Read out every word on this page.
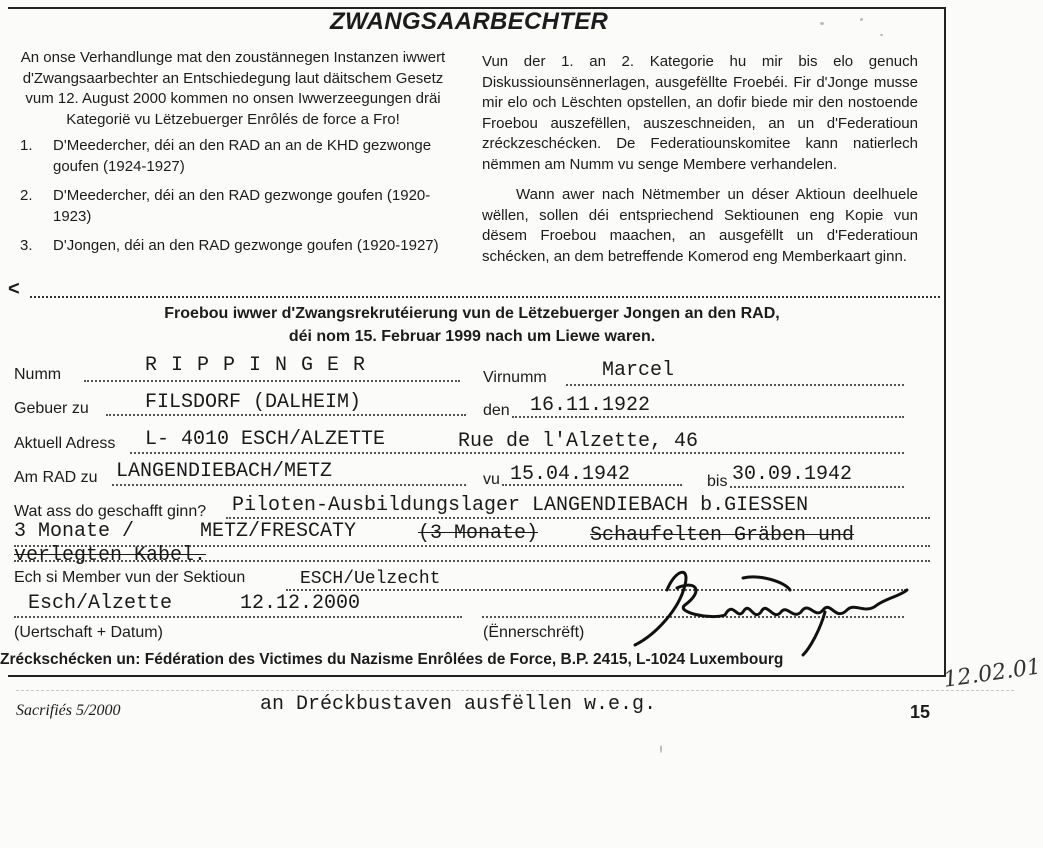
ZWANGSAARBECHTER

An onse Verhandlunge mat den zoustännegen Instanzen iwwert d'Zwangsaarbechter an Entschiedegung laut däitschem Gesetz vum 12. August 2000 kommen no onsen Iwwerzeegungen dräi Kategorië vu Lëtzebuerger Enrôlés de force a Fro!

1. D'Meedercher, déi an den RAD an an de KHD gezwonge goufen (1924-1927)
2. D'Meedercher, déi an den RAD gezwonge goufen (1920-1923)
3. D'Jongen, déi an den RAD gezwonge goufen (1920-1927)

Vun der 1. an 2. Kategorie hu mir bis elo genuch Diskussiounsënnerlagen, ausgefëllte Froebéi. Fir d'Jonge musse mir elo och Lëschten opstellen, an dofir biede mir den nostoende Froebou auszefëllen, auszeschneiden, an un d'Federatioun zréckzeschécken. De Federatiounskomitee kann natierlech nëmmen am Numm vu senge Membere verhandelen.

Wann awer nach Nëtmember un déser Aktioun deelhuele wëllen, sollen déi entspriechend Sektiounen eng Kopie vun dësem Froebou maachen, an ausgefëllt un d'Federatioun schécken, an dem betreffende Komerod eng Memberkaart ginn.

<
Froebou iwwer d'Zwangsrekrutéierung vun de Lëtzebuerger Jongen an den RAD,
déi nom 15. Februar 1999 nach um Liewe waren.
Numm	R I P P I N G E R
Virnumm	Marcel
Gebuer zu	FILSDORF (DALHEIM)	den 16.11.1922
Aktuell Adress L- 4010 ESCH/ALZETTE	Rue de l'Alzette, 46
Am RAD zu LANGENDIEBACH/METZ	vu 15.04.1942	bis 30.09.1942
Wat ass do geschafft ginn? Piloten-Ausbildungslager LANGENDIEBACH b.GIESSEN
3 Monate /	METZ/FRESCATY	(3 Monate)	Schaufelten Gräben und
verlegten Kabel.
Ech si Member vun der Sektioun	ESCH/Uelzecht
Esch/Alzette	12.12.2000
(Uertschaft + Datum)	(Ënnerschrëft)
Zréckschécken un: Fédération des Victimes du Nazisme Enrôlées de Force, B.P. 2415, L-1024 Luxembourg
Sacrifiés 5/2000	an Dréckbustaven ausfëllen w.e.g.	15
12.02.01
